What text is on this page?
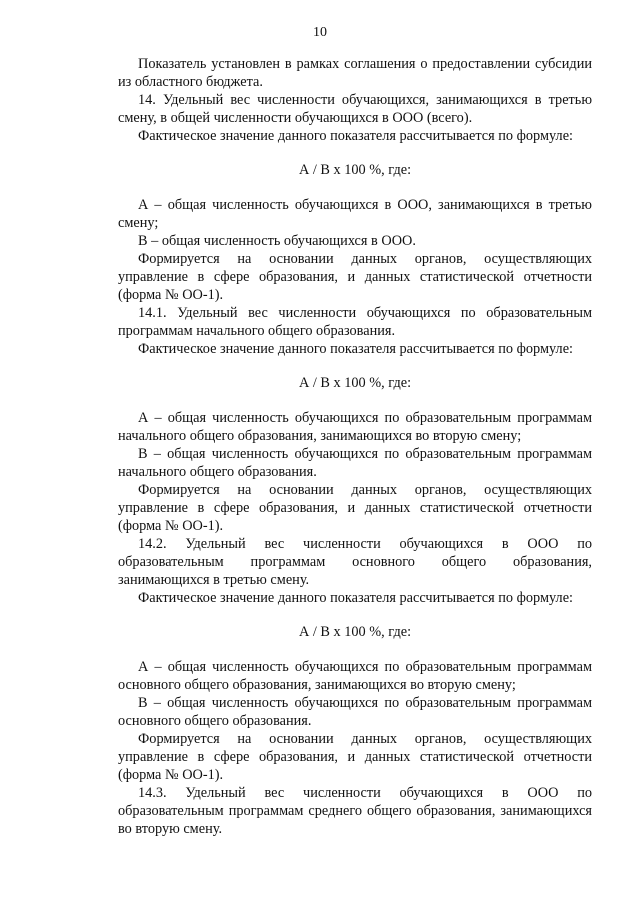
10

Показатель установлен в рамках соглашения о предоставлении субсидии из областного бюджета.

14. Удельный вес численности обучающихся, занимающихся в третью смену, в общей численности обучающихся в ООО (всего).

Фактическое значение данного показателя рассчитывается по формуле:

А / В х 100 %, где:

А – общая численность обучающихся в ООО, занимающихся в третью смену;

В – общая численность обучающихся в ООО.

Формируется на основании данных органов, осуществляющих управление в сфере образования, и данных статистической отчетности (форма № ОО-1).

14.1. Удельный вес численности обучающихся по образовательным программам начального общего образования.

Фактическое значение данного показателя рассчитывается по формуле:

А / В х 100 %, где:

А – общая численность обучающихся по образовательным программам начального общего образования, занимающихся во вторую смену;

В – общая численность обучающихся по образовательным программам начального общего образования.

Формируется на основании данных органов, осуществляющих управление в сфере образования, и данных статистической отчетности (форма № ОО-1).

14.2. Удельный вес численности обучающихся в ООО по образовательным программам основного общего образования, занимающихся в третью смену.

Фактическое значение данного показателя рассчитывается по формуле:

А / В х 100 %, где:

А – общая численность обучающихся по образовательным программам основного общего образования, занимающихся во вторую смену;

В – общая численность обучающихся по образовательным программам основного общего образования.

Формируется на основании данных органов, осуществляющих управление в сфере образования, и данных статистической отчетности (форма № ОО-1).

14.3. Удельный вес численности обучающихся в ООО по образовательным программам среднего общего образования, занимающихся во вторую смену.
